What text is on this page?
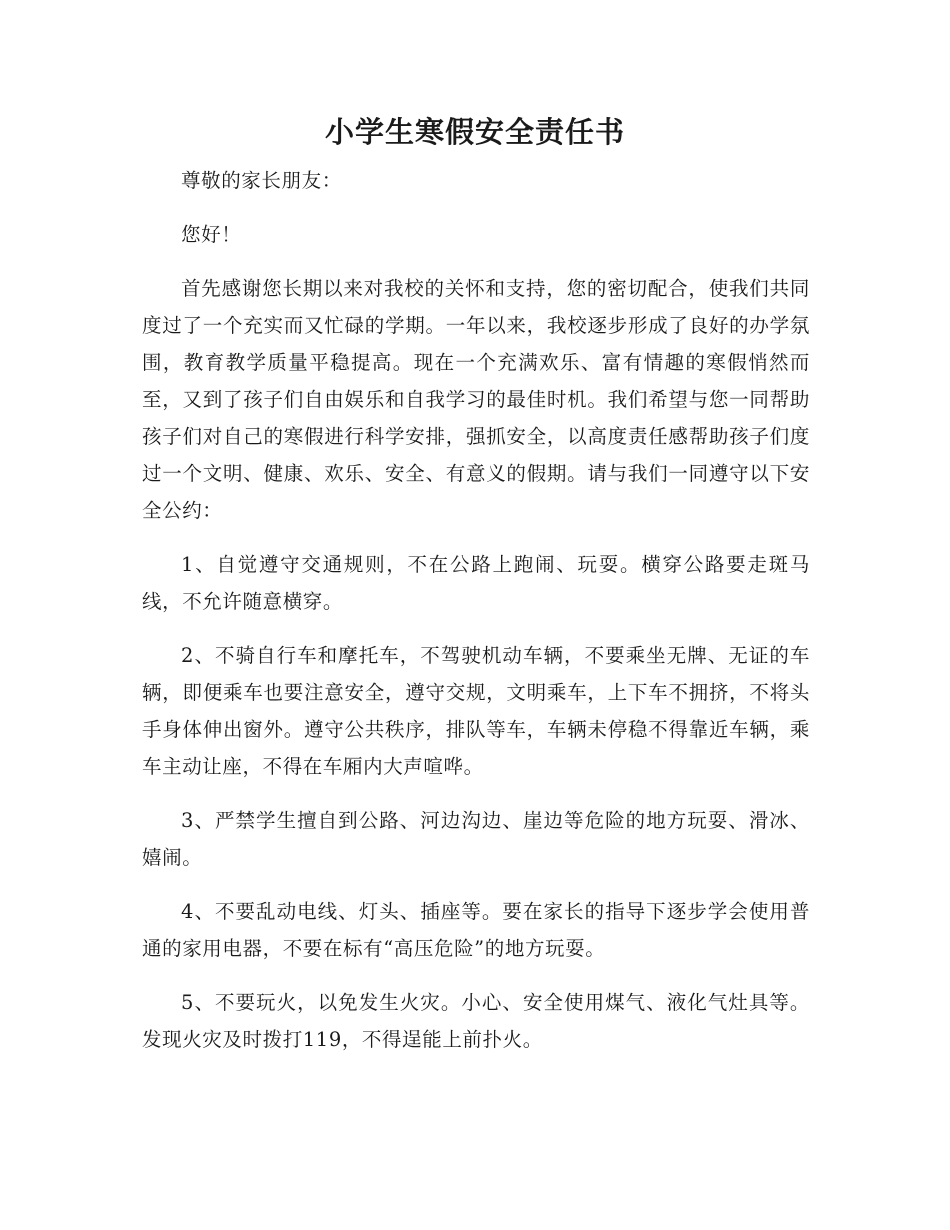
小学生寒假安全责任书

尊敬的家长朋友：

您好！

首先感谢您长期以来对我校的关怀和支持，您的密切配合，使我们共同度过了一个充实而又忙碌的学期。一年以来，我校逐步形成了良好的办学氛围，教育教学质量平稳提高。现在一个充满欢乐、富有情趣的寒假悄然而至，又到了孩子们自由娱乐和自我学习的最佳时机。我们希望与您一同帮助孩子们对自己的寒假进行科学安排，强抓安全，以高度责任感帮助孩子们度过一个文明、健康、欢乐、安全、有意义的假期。请与我们一同遵守以下安全公约：

1、自觉遵守交通规则，不在公路上跑闹、玩耍。横穿公路要走斑马线，不允许随意横穿。

2、不骑自行车和摩托车，不驾驶机动车辆，不要乘坐无牌、无证的车辆，即便乘车也要注意安全，遵守交规，文明乘车，上下车不拥挤，不将头手身体伸出窗外。遵守公共秩序，排队等车，车辆未停稳不得靠近车辆，乘车主动让座，不得在车厢内大声喧哗。

3、严禁学生擅自到公路、河边沟边、崖边等危险的地方玩耍、滑冰、嬉闹。

4、不要乱动电线、灯头、插座等。要在家长的指导下逐步学会使用普通的家用电器，不要在标有“高压危险”的地方玩耍。

5、不要玩火，以免发生火灾。小心、安全使用煤气、液化气灶具等。发现火灾及时拨打119，不得逞能上前扑火。
